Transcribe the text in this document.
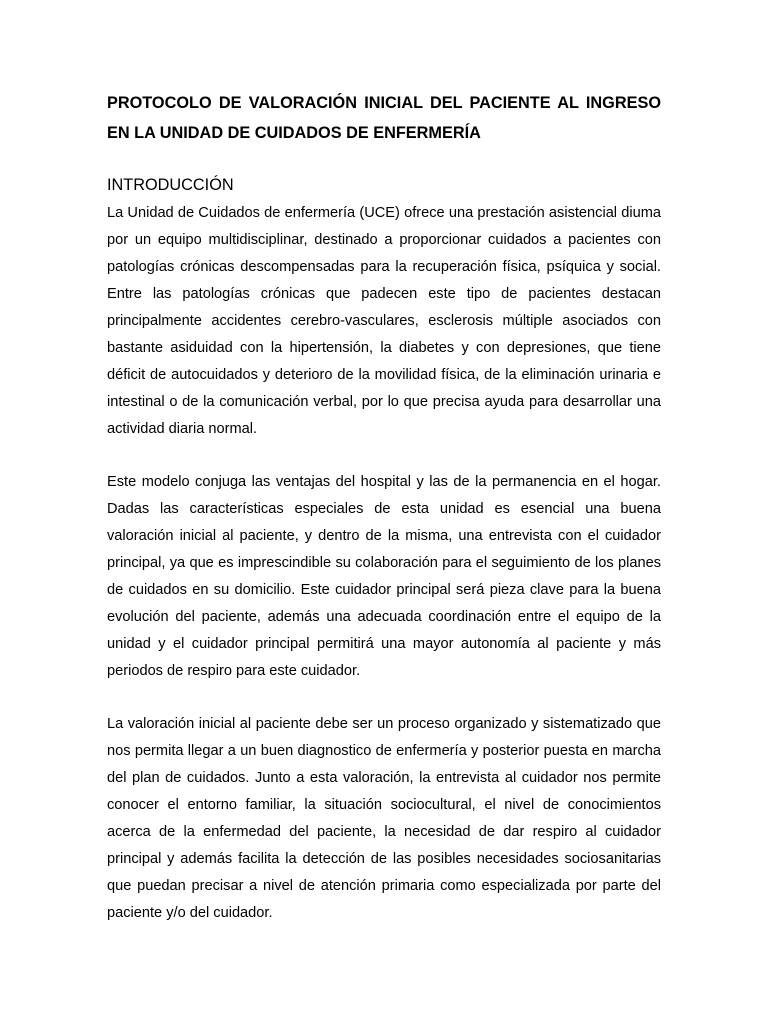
PROTOCOLO DE VALORACIÓN INICIAL DEL PACIENTE AL INGRESO EN LA UNIDAD DE CUIDADOS DE ENFERMERÍA
INTRODUCCIÓN

La Unidad de Cuidados de enfermería (UCE) ofrece una prestación asistencial diuma por un equipo multidisciplinar, destinado a proporcionar cuidados a pacientes con patologías crónicas descompensadas para la recuperación física, psíquica y social. Entre las patologías crónicas que padecen este tipo de pacientes destacan principalmente accidentes cerebro-vasculares, esclerosis múltiple asociados con bastante asiduidad con la hipertensión, la diabetes y con depresiones, que tiene déficit de autocuidados y deterioro de la movilidad física, de la eliminación urinaria e intestinal o de la comunicación verbal, por lo que precisa ayuda para desarrollar una actividad diaria normal.

Este modelo conjuga las ventajas del hospital y las de la permanencia en el hogar. Dadas las características especiales de esta unidad es esencial una buena valoración inicial al paciente, y dentro de la misma, una entrevista con el cuidador principal, ya que es imprescindible su colaboración para el seguimiento de los planes de cuidados en su domicilio. Este cuidador principal será pieza clave para la buena evolución del paciente, además una adecuada coordinación entre el equipo de la unidad y el cuidador principal permitirá una mayor autonomía al paciente y más periodos de respiro para este cuidador.

La valoración inicial al paciente debe ser un proceso organizado y sistematizado que nos permita llegar a un buen diagnostico de enfermería y posterior puesta en marcha del plan de cuidados. Junto a esta valoración, la entrevista al cuidador nos permite conocer el entorno familiar, la situación sociocultural, el nivel de conocimientos acerca de la enfermedad del paciente, la necesidad de dar respiro al cuidador principal y además facilita la detección de las posibles necesidades sociosanitarias que puedan precisar a nivel de atención primaria como especializada por parte del paciente y/o del cuidador.
